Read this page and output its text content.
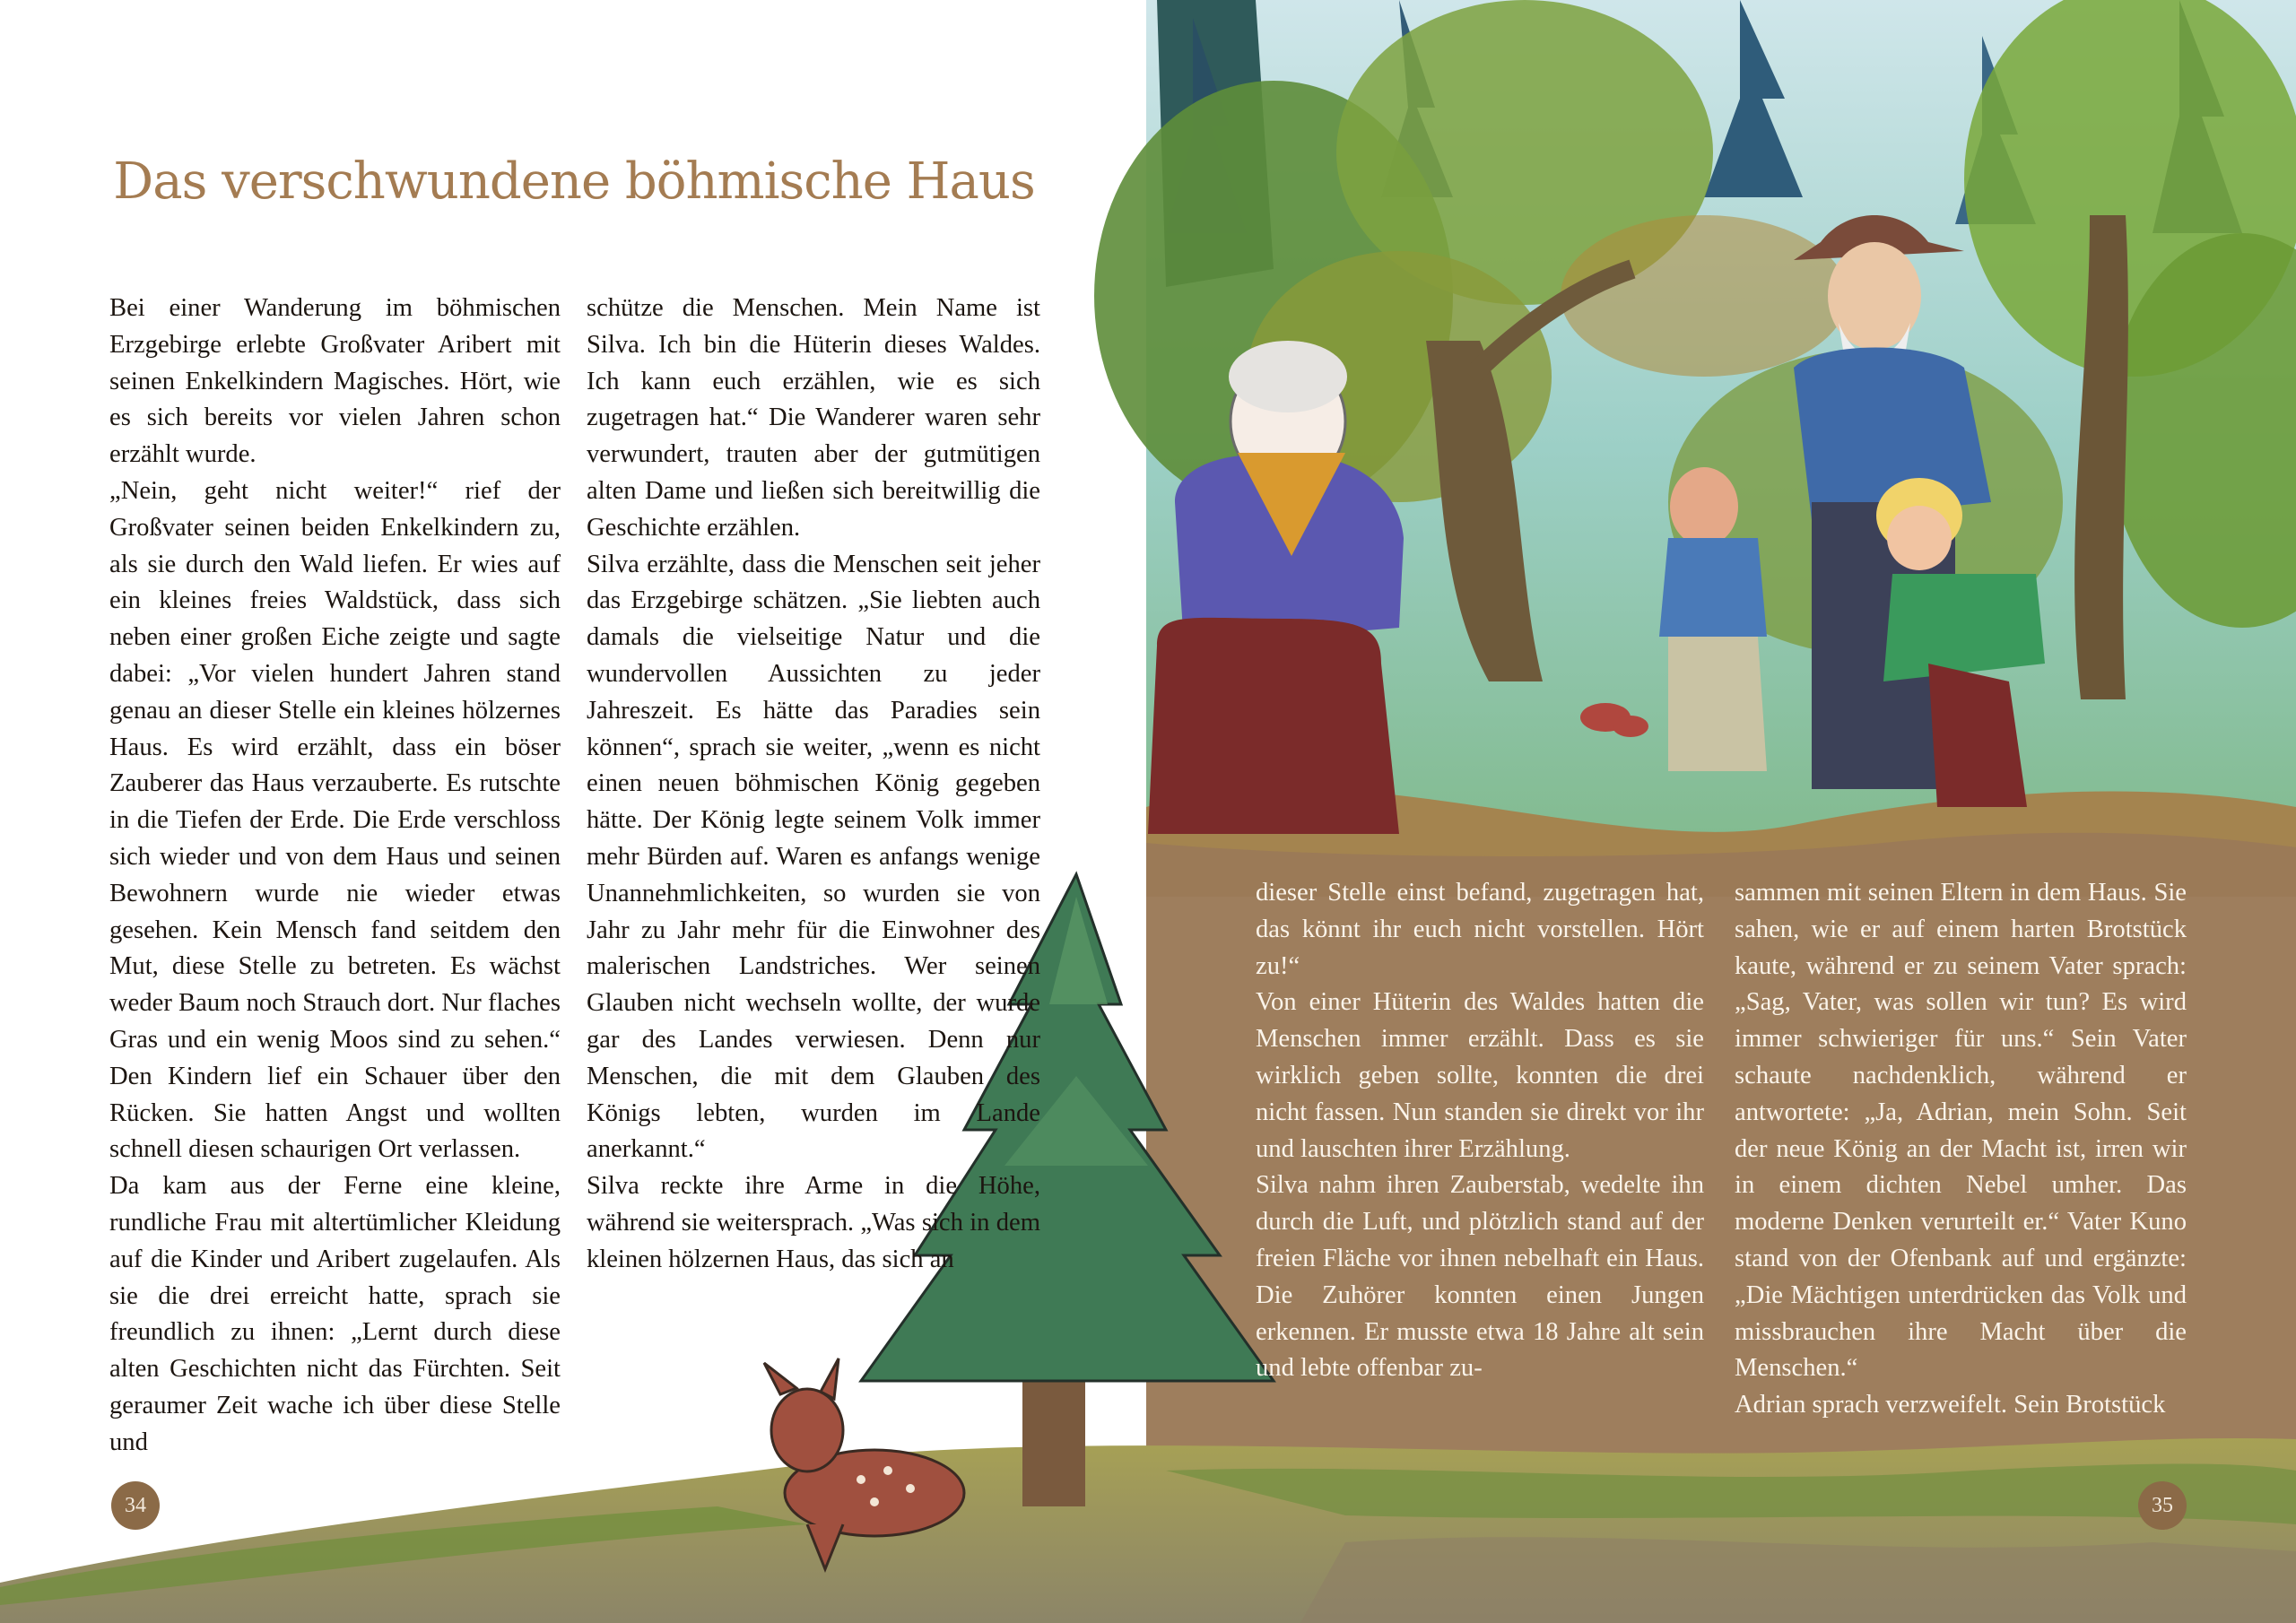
Das verschwundene böhmische Haus

Bei einer Wanderung im böhmischen Erzgebirge erlebte Großvater Aribert mit seinen Enkelkindern Magisches. Hört, wie es sich bereits vor vielen Jahren schon erzählt wurde.

„Nein, geht nicht weiter!“ rief der Großvater seinen beiden Enkelkindern zu, als sie durch den Wald liefen. Er wies auf ein kleines freies Waldstück, dass sich neben einer großen Eiche zeigte und sagte dabei: „Vor vielen hundert Jahren stand genau an dieser Stelle ein kleines hölzernes Haus. Es wird erzählt, dass ein böser Zauberer das Haus verzauberte. Es rutschte in die Tiefen der Erde. Die Erde verschloss sich wieder und von dem Haus und seinen Bewohnern wurde nie wieder etwas gesehen. Kein Mensch fand seitdem den Mut, diese Stelle zu betreten. Es wächst weder Baum noch Strauch dort. Nur flaches Gras und ein wenig Moos sind zu sehen.“ Den Kindern lief ein Schauer über den Rücken. Sie hatten Angst und wollten schnell diesen schaurigen Ort verlassen.

Da kam aus der Ferne eine kleine, rundliche Frau mit altertümlicher Kleidung auf die Kinder und Aribert zugelaufen. Als sie die drei erreicht hatte, sprach sie freundlich zu ihnen: „Lernt durch diese alten Geschichten nicht das Fürchten. Seit geraumer Zeit wache ich über diese Stelle und

schütze die Menschen. Mein Name ist Silva. Ich bin die Hüterin dieses Waldes. Ich kann euch erzählen, wie es sich zugetragen hat.“ Die Wanderer waren sehr verwundert, trauten aber der gutmütigen alten Dame und ließen sich bereitwillig die Geschichte erzählen.

Silva erzählte, dass die Menschen seit jeher das Erzgebirge schätzen. „Sie liebten auch damals die vielseitige Natur und die wundervollen Aussichten zu jeder Jahreszeit. Es hätte das Paradies sein können“, sprach sie weiter, „wenn es nicht einen neuen böhmischen König gegeben hätte. Der König legte seinem Volk immer mehr Bürden auf. Waren es anfangs wenige Unannehmlichkeiten, so wurden sie von Jahr zu Jahr mehr für die Einwohner des malerischen Landstriches. Wer seinen Glauben nicht wechseln wollte, der wurde gar des Landes verwiesen. Denn nur Menschen, die mit dem Glauben des Königs lebten, wurden im Lande anerkannt.“

Silva reckte ihre Arme in die Höhe, während sie weitersprach. „Was sich in dem kleinen hölzernen Haus, das sich an

dieser Stelle einst befand, zugetragen hat, das könnt ihr euch nicht vorstellen. Hört zu!“

Von einer Hüterin des Waldes hatten die Menschen immer erzählt. Dass es sie wirklich geben sollte, konnten die drei nicht fassen. Nun standen sie direkt vor ihr und lauschten ihrer Erzählung.

Silva nahm ihren Zauberstab, wedelte ihn durch die Luft, und plötzlich stand auf der freien Fläche vor ihnen nebelhaft ein Haus. Die Zuhörer konnten einen Jungen erkennen. Er musste etwa 18 Jahre alt sein und lebte offenbar zu-

sammen mit seinen Eltern in dem Haus. Sie sahen, wie er auf einem harten Brotstück kaute, während er zu seinem Vater sprach: „Sag, Vater, was sollen wir tun? Es wird immer schwieriger für uns.“ Sein Vater schaute nachdenklich, während er antwortete: „Ja, Adrian, mein Sohn. Seit der neue König an der Macht ist, irren wir in einem dichten Nebel umher. Das moderne Denken verurteilt er.“ Vater Kuno stand von der Ofenbank auf und ergänzte: „Die Mächtigen unterdrücken das Volk und missbrauchen ihre Macht über die Menschen.“

Adrian sprach verzweifelt. Sein Brotstück

34	35
